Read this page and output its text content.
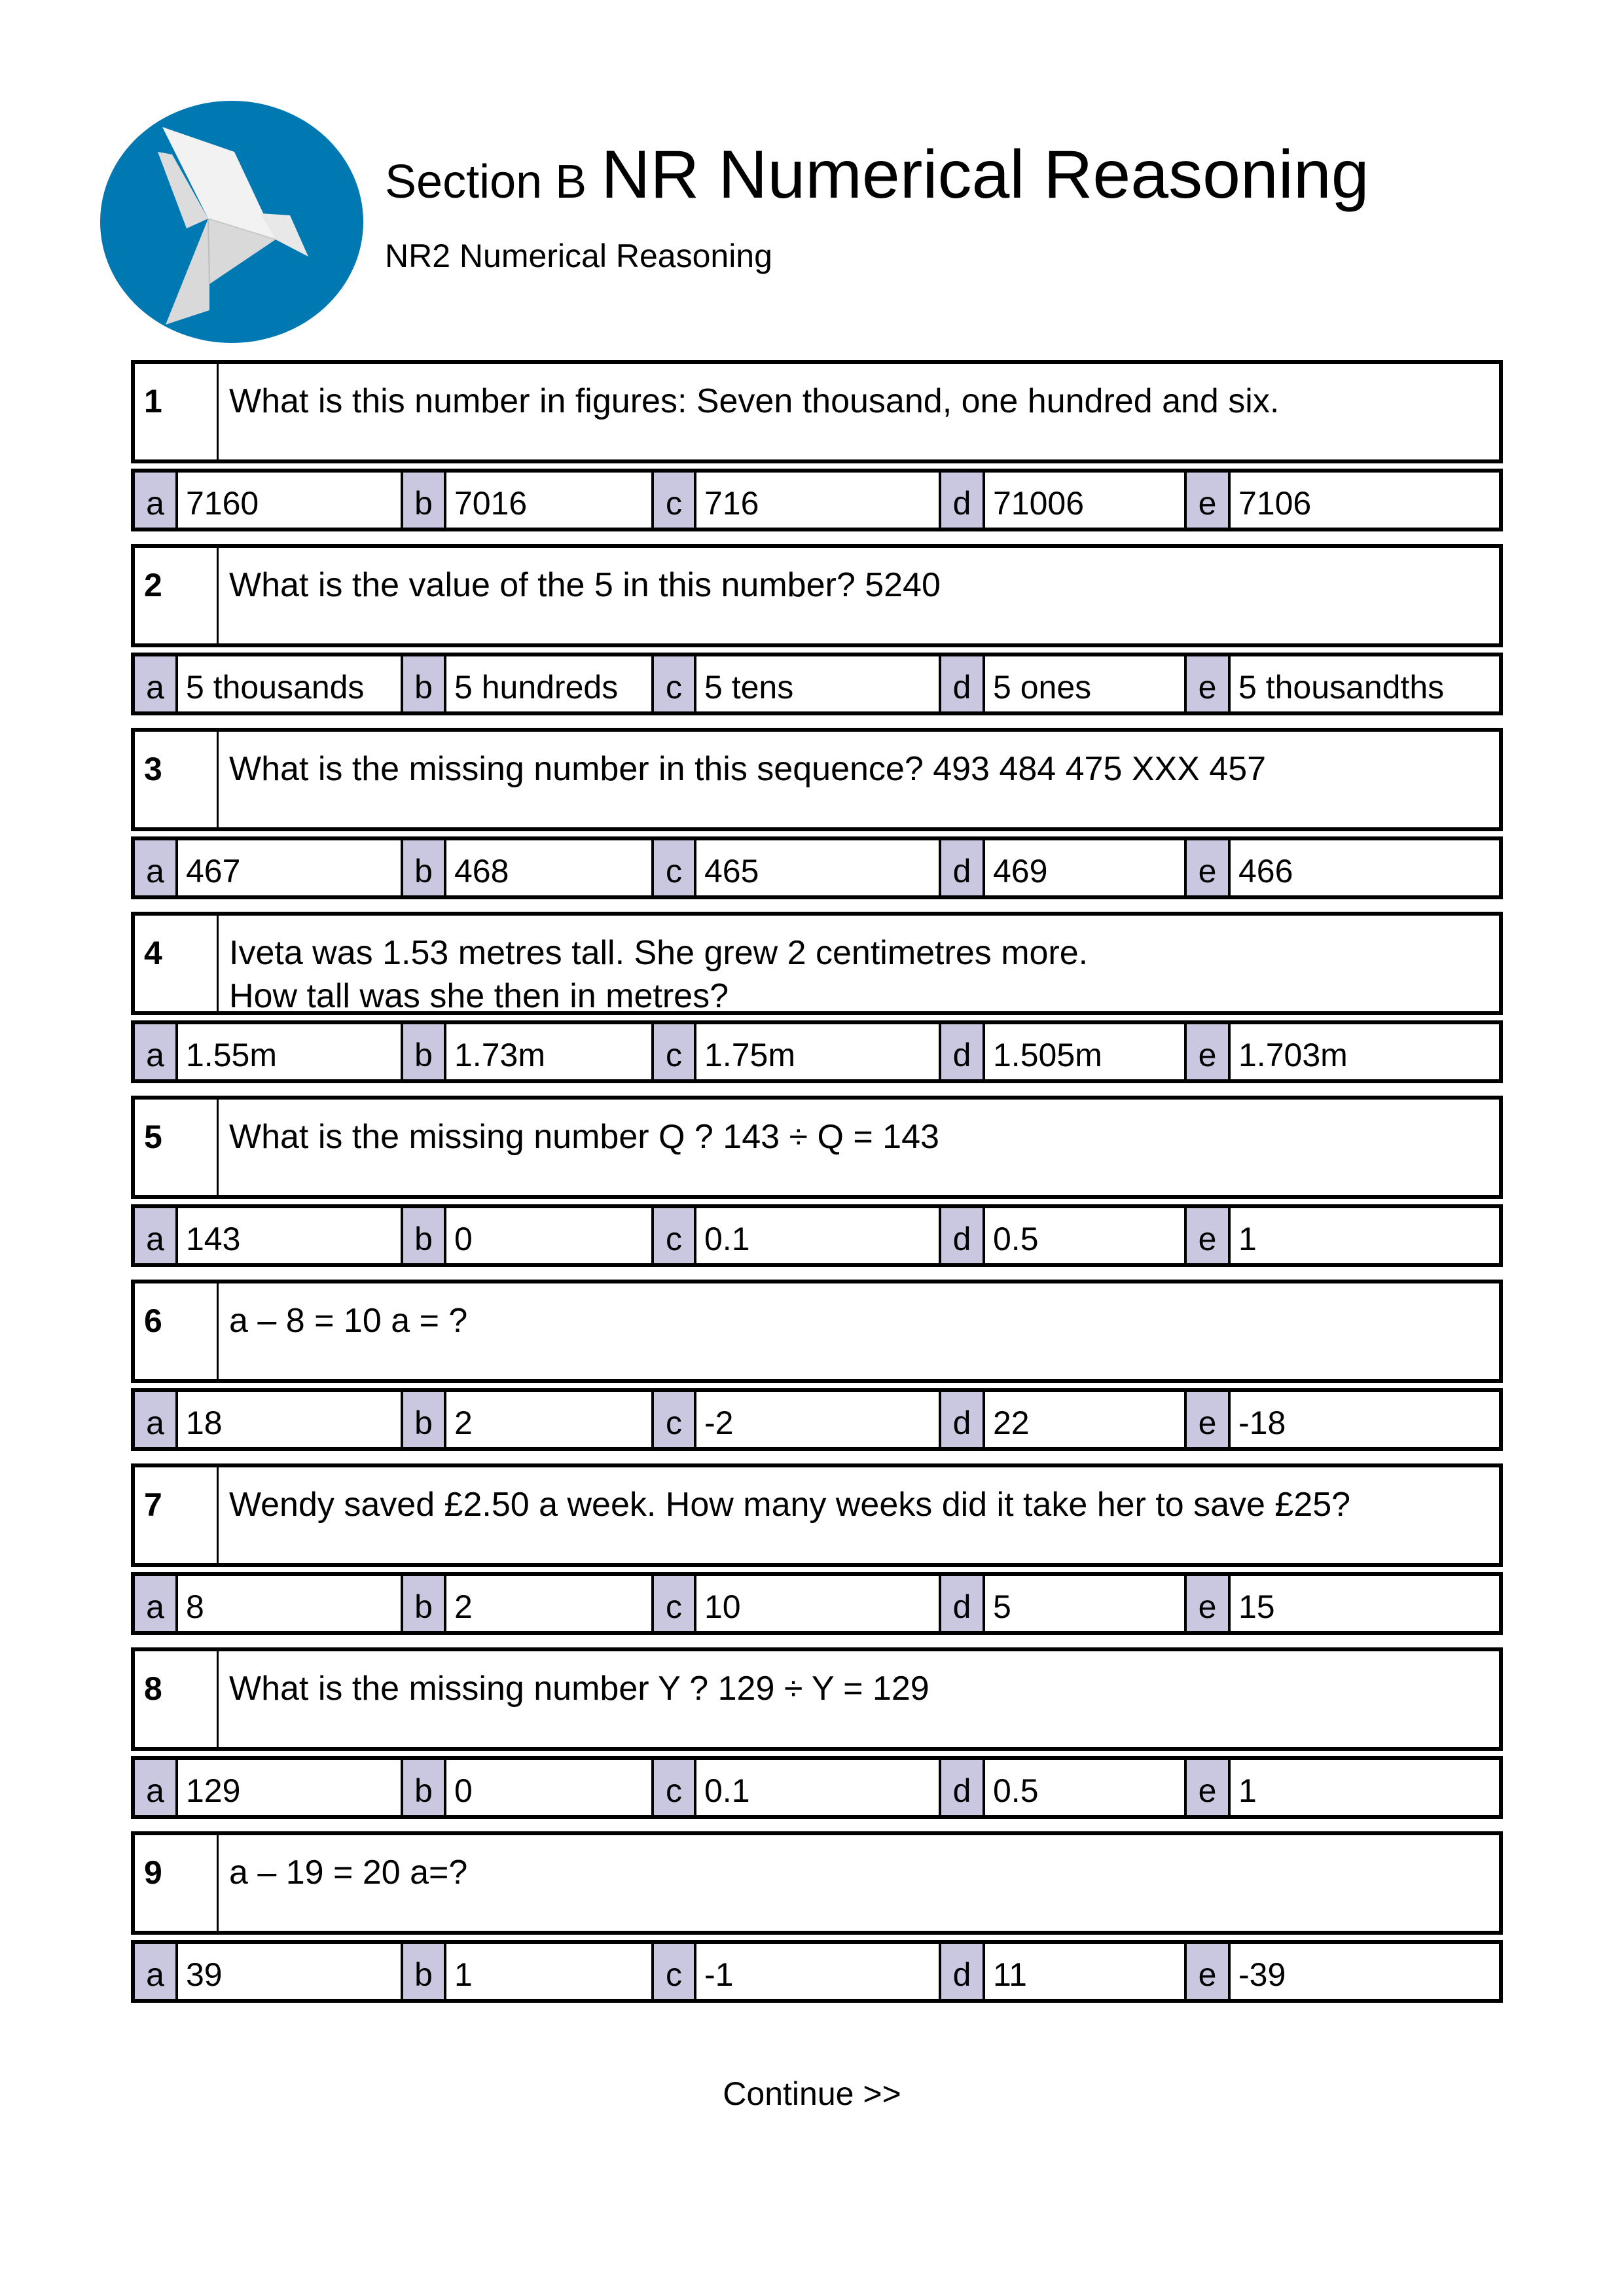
Section B NR Numerical Reasoning
NR2 Numerical Reasoning
1	What is this number in figures: Seven thousand, one hundred and six.
a 7160	b 7016	c 716	d 71006	e 7106
2	What is the value of the 5 in this number? 5240
a 5 thousands	b 5 hundreds	c 5 tens	d 5 ones	e 5 thousandths
3	What is the missing number in this sequence? 493 484 475 XXX 457
a 467	b 468	c 465	d 469	e 466
4	Iveta was 1.53 metres tall. She grew 2 centimetres more.
How tall was she then in metres?
a 1.55m	b 1.73m	c 1.75m	d 1.505m	e 1.703m
5	What is the missing number Q ? 143 ÷ Q = 143
a 143	b 0	c 0.1	d 0.5	e 1
6	a – 8 = 10 a = ?
a 18	b 2	c -2	d 22	e -18
7	Wendy saved £2.50 a week. How many weeks did it take her to save £25?
a 8	b 2	c 10	d 5	e 15
8	What is the missing number Y ? 129 ÷ Y = 129
a 129	b 0	c 0.1	d 0.5	e 1
9	a – 19 = 20 a=?
a 39	b 1	c -1	d 11	e -39
Continue >>
